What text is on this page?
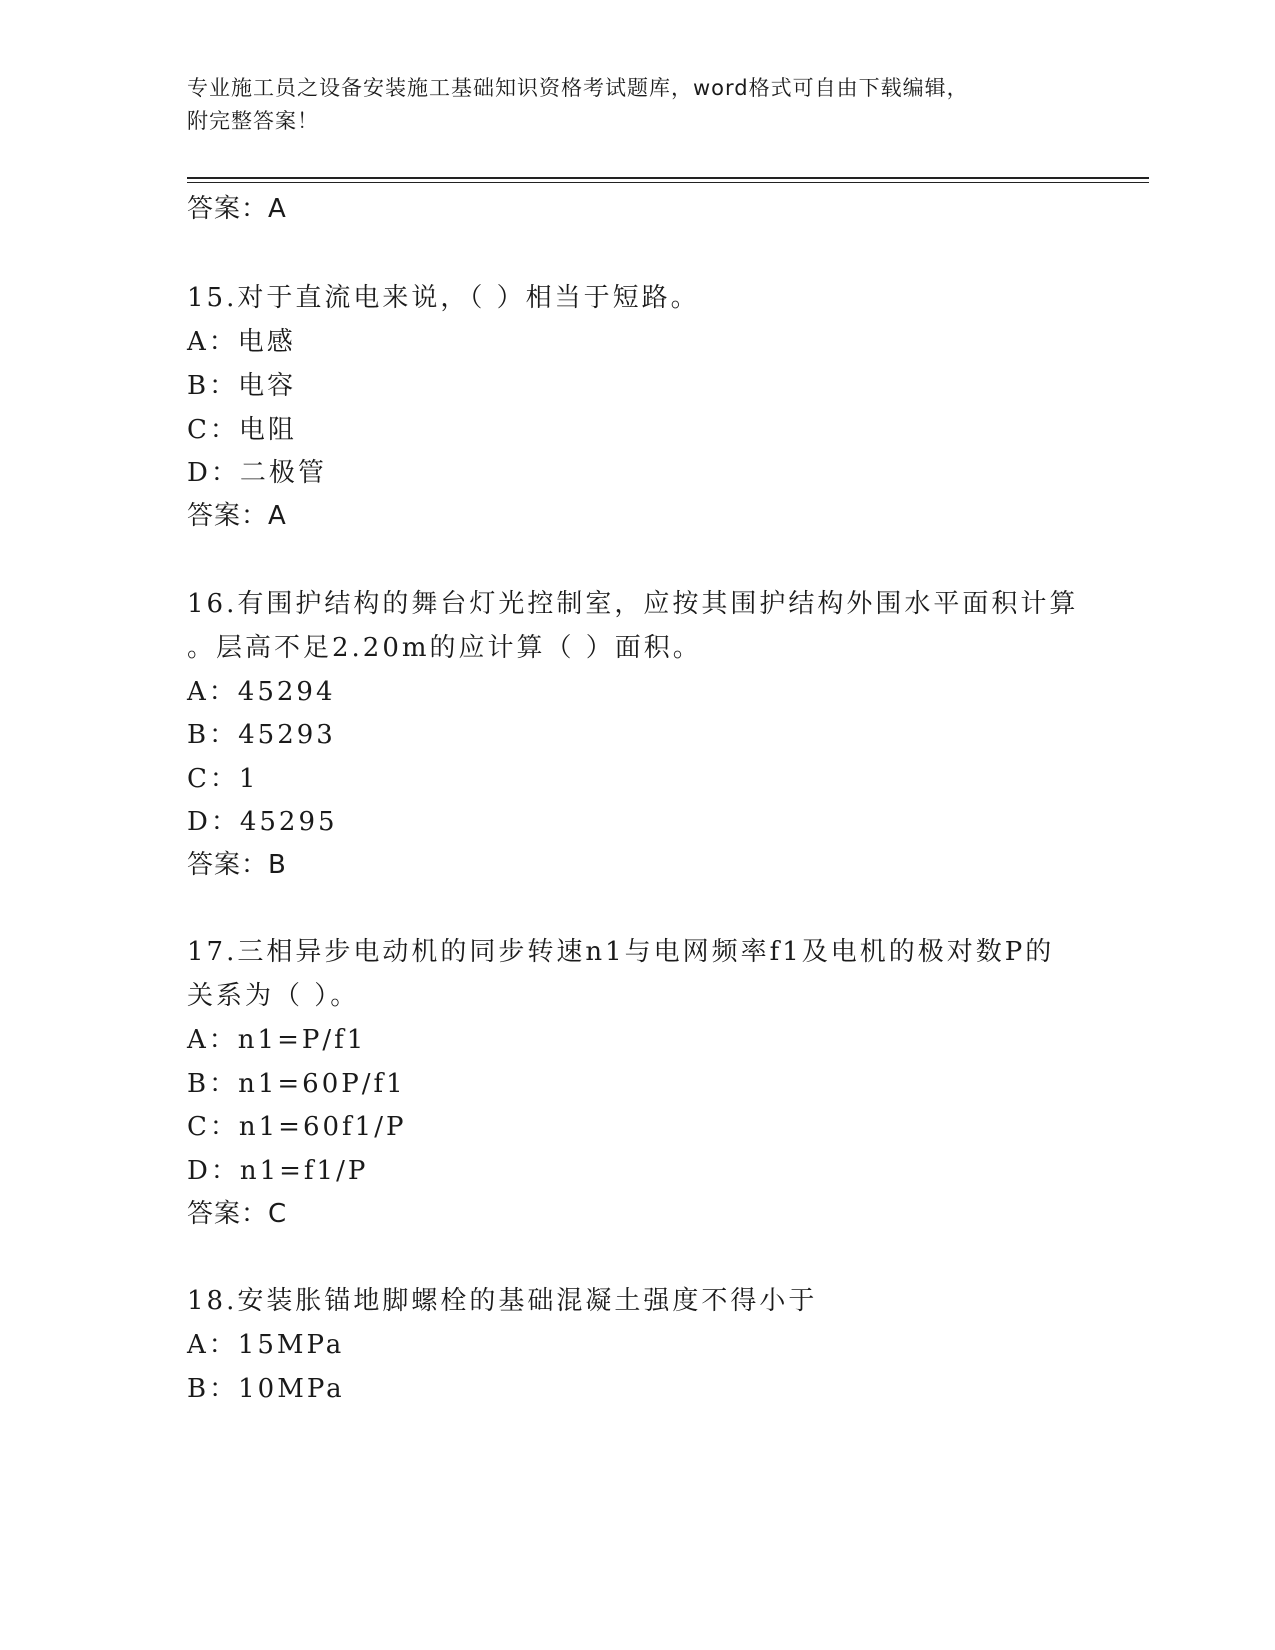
专业施工员之设备安装施工基础知识资格考试题库，word格式可自由下载编辑，
附完整答案！
答案：A
15.对于直流电来说，（ ）相当于短路。
A：电感
B：电容
C：电阻
D：二极管
答案：A
16.有围护结构的舞台灯光控制室，应按其围护结构外围水平面积计算
。层高不足2.20m的应计算（ ）面积。
A：45294
B：45293
C：1
D：45295
答案：B
17.三相异步电动机的同步转速n1与电网频率f1及电机的极对数P的
关系为（ ）。
A：n1=P/f1
B：n1=60P/f1
C：n1=60f1/P
D：n1=f1/P
答案：C
18.安装胀锚地脚螺栓的基础混凝土强度不得小于
A：15MPa
B：10MPa
